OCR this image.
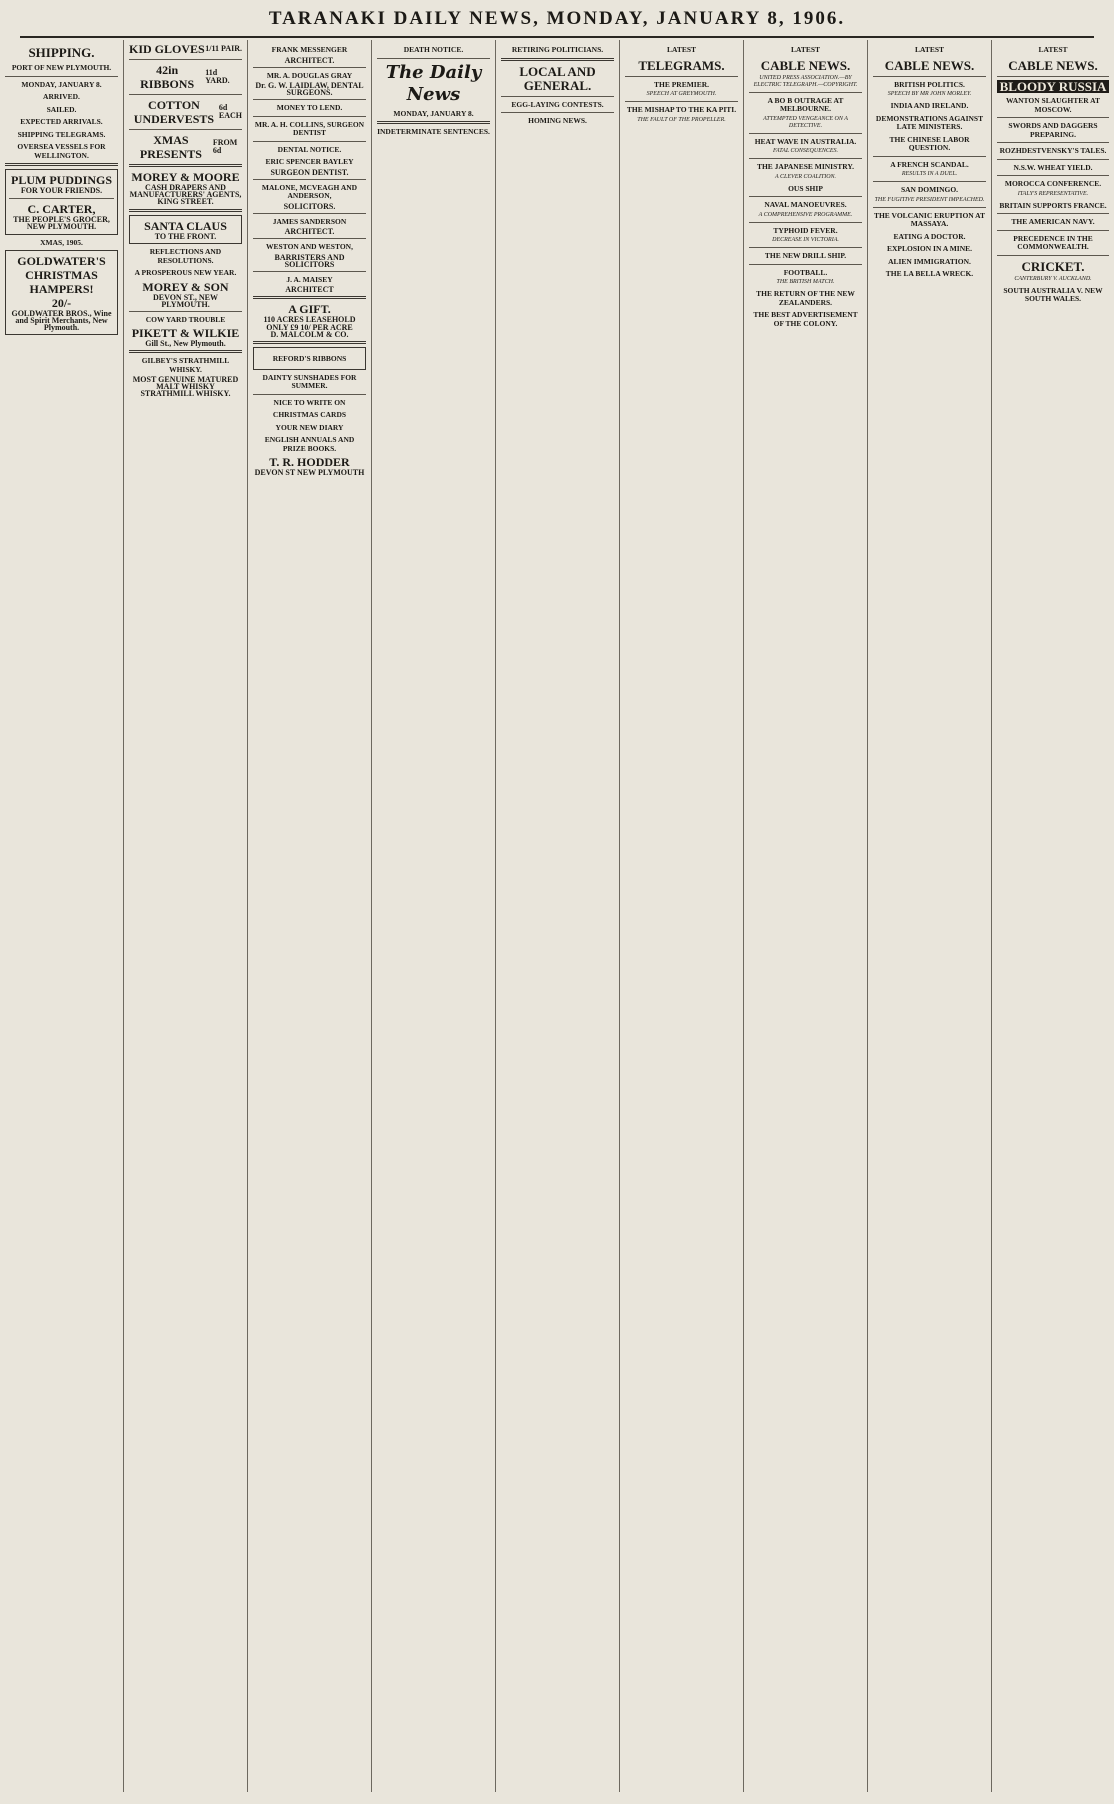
TARANAKI DAILY NEWS, MONDAY, JANUARY 8, 1906.
SHIPPING.
PORT OF NEW PLYMOUTH.
MONDAY, JANUARY 8.
ARRIVED.
SAILED.
EXPECTED ARRIVALS.
SHIPPING TELEGRAMS.
OVERSEA VESSELS FOR WELLINGTON.
PLUM PUDDINGS
FOR YOUR FRIENDS.
C. CARTER,
THE PEOPLE'S GROCER,
NEW PLYMOUTH.
XMAS, 1905.
GOLDWATER'S CHRISTMAS HAMPERS!
20/-
GOLDWATER BROS., Wine and Spirit Merchants, New Plymouth.
KID GLOVES 1/11 PAIR.
42in RIBBONS
11d YARD.
COTTON UNDERVESTS
6d EACH
XMAS PRESENTS
FROM 6d
MOREY & MOORE
CASH DRAPERS AND MANUFACTURERS' AGENTS,
KING STREET.
SANTA CLAUS
TO THE FRONT.
REFLECTIONS AND RESOLUTIONS.
A PROSPEROUS NEW YEAR.
MOREY & SON
DEVON ST., NEW PLYMOUTH.
COW YARD TROUBLE
PIKETT & WILKIE
Gill St., New Plymouth.
GILBEY'S STRATHMILL WHISKY.
MOST GENUINE MATURED MALT WHISKY
STRATHMILL WHISKY.
FRANK MESSENGER
ARCHITECT.
MR. A. DOUGLAS GRAY
Dr. G. W. LAIDLAW, DENTAL SURGEONS.
MONEY TO LEND.
MR. A. H. COLLINS, SURGEON DENTIST
DENTAL NOTICE.
ERIC SPENCER BAYLEY
SURGEON DENTIST.
MALONE, MCVEAGH AND ANDERSON,
SOLICITORS.
JAMES SANDERSON
ARCHITECT.
WESTON AND WESTON,
BARRISTERS AND SOLICITORS
J. A. MAISEY
ARCHITECT
A GIFT.
110 ACRES LEASEHOLD
ONLY £9 10/ PER ACRE
D. MALCOLM & CO.
REFORD'S RIBBONS
DAINTY SUNSHADES FOR SUMMER.
NICE TO WRITE ON
CHRISTMAS CARDS
YOUR NEW DIARY
ENGLISH ANNUALS AND PRIZE BOOKS.
T. R. HODDER
DEVON ST NEW PLYMOUTH
DEATH NOTICE.
The Daily News
MONDAY, JANUARY 8.
INDETERMINATE SENTENCES.
RETIRING POLITICIANS.
LOCAL AND GENERAL.
EGG-LAYING CONTESTS.
HOMING NEWS.
LATEST
TELEGRAMS.
THE PREMIER.
SPEECH AT GREYMOUTH.
THE MISHAP TO THE KA PITI.
THE FAULT OF THE PROPELLER.
LATEST
CABLE NEWS.
UNITED PRESS ASSOCIATION.—BY ELECTRIC TELEGRAPH.—COPYRIGHT.
A BO B OUTRAGE AT MELBOURNE.
ATTEMPTED VENGEANCE ON A DETECTIVE.
HEAT WAVE IN AUSTRALIA.
FATAL CONSEQUENCES.
THE JAPANESE MINISTRY.
A CLEVER COALITION.
OUS SHIP
NAVAL MANOEUVRES.
A COMPREHENSIVE PROGRAMME.
TYPHOID FEVER.
DECREASE IN VICTORIA.
THE NEW DRILL SHIP.
FOOTBALL.
THE BRITISH MATCH.
THE RETURN OF THE NEW ZEALANDERS.
THE BEST ADVERTISEMENT OF THE COLONY.
LATEST
CABLE NEWS.
BRITISH POLITICS.
SPEECH BY MR JOHN MORLEY.
INDIA AND IRELAND.
DEMONSTRATIONS AGAINST LATE MINISTERS.
THE CHINESE LABOR QUESTION.
A FRENCH SCANDAL.
RESULTS IN A DUEL.
SAN DOMINGO.
THE FUGITIVE PRESIDENT IMPEACHED.
THE VOLCANIC ERUPTION AT MASSAYA.
EATING A DOCTOR.
EXPLOSION IN A MINE.
ALIEN IMMIGRATION.
THE LA BELLA WRECK.
LATEST
CABLE NEWS.
BLOODY RUSSIA
WANTON SLAUGHTER AT MOSCOW.
SWORDS AND DAGGERS PREPARING.
ROZHDESTVENSKY'S TALES.
N.S.W. WHEAT YIELD.
MOROCCA CONFERENCE.
ITALY'S REPRESENTATIVE.
BRITAIN SUPPORTS FRANCE.
THE AMERICAN NAVY.
PRECEDENCE IN THE COMMONWEALTH.
CRICKET.
CANTERBURY V. AUCKLAND.
SOUTH AUSTRALIA V. NEW SOUTH WALES.
